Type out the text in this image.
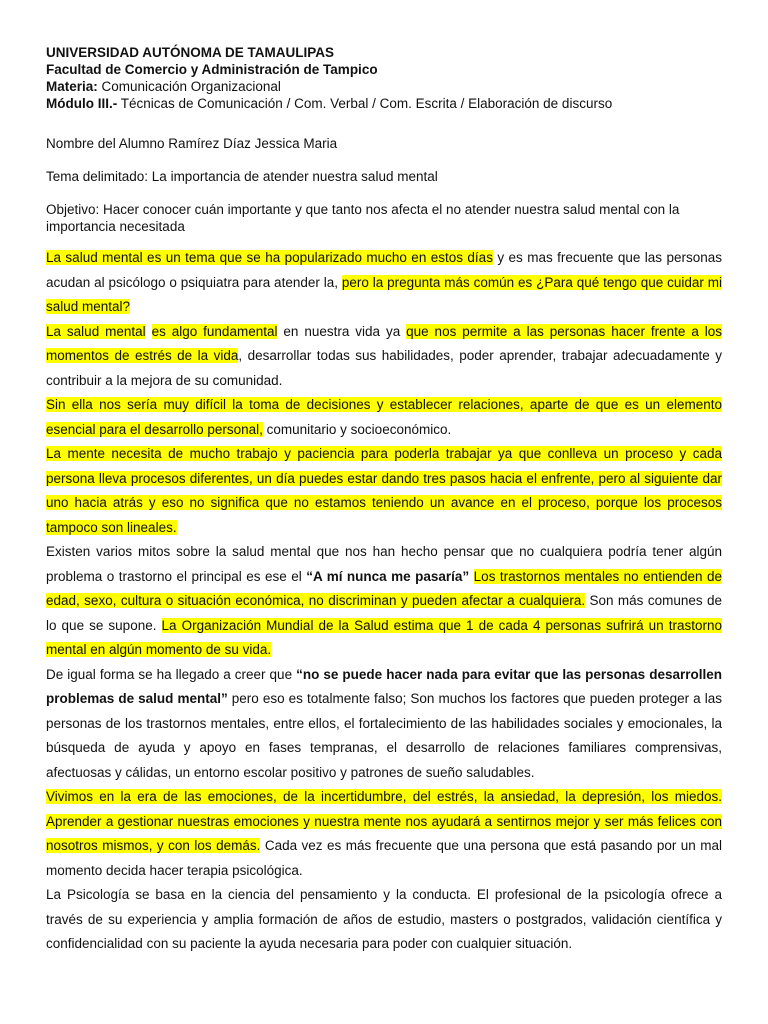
UNIVERSIDAD AUTÓNOMA DE TAMAULIPAS
Facultad de Comercio y Administración de Tampico
Materia: Comunicación Organizacional
Módulo III.- Técnicas de Comunicación / Com. Verbal / Com. Escrita / Elaboración de discurso

Nombre del Alumno Ramírez Díaz Jessica Maria

Tema delimitado: La importancia de atender nuestra salud mental

Objetivo: Hacer conocer cuán importante y que tanto nos afecta el no atender nuestra salud mental con la importancia necesitada

La salud mental es un tema que se ha popularizado mucho en estos días y es mas frecuente que las personas acudan al psicólogo o psiquiatra para atender la, pero la pregunta más común es ¿Para qué tengo que cuidar mi salud mental?

La salud mental es algo fundamental en nuestra vida ya que nos permite a las personas hacer frente a los momentos de estrés de la vida, desarrollar todas sus habilidades, poder aprender, trabajar adecuadamente y contribuir a la mejora de su comunidad.

Sin ella nos sería muy difícil la toma de decisiones y establecer relaciones, aparte de que es un elemento esencial para el desarrollo personal, comunitario y socioeconómico.

La mente necesita de mucho trabajo y paciencia para poderla trabajar ya que conlleva un proceso y cada persona lleva procesos diferentes, un día puedes estar dando tres pasos hacia el enfrente, pero al siguiente dar uno hacia atrás y eso no significa que no estamos teniendo un avance en el proceso, porque los procesos tampoco son lineales.

Existen varios mitos sobre la salud mental que nos han hecho pensar que no cualquiera podría tener algún problema o trastorno el principal es ese el “A mí nunca me pasaría” Los trastornos mentales no entienden de edad, sexo, cultura o situación económica, no discriminan y pueden afectar a cualquiera. Son más comunes de lo que se supone. La Organización Mundial de la Salud estima que 1 de cada 4 personas sufrirá un trastorno mental en algún momento de su vida.

De igual forma se ha llegado a creer que “no se puede hacer nada para evitar que las personas desarrollen problemas de salud mental” pero eso es totalmente falso; Son muchos los factores que pueden proteger a las personas de los trastornos mentales, entre ellos, el fortalecimiento de las habilidades sociales y emocionales, la búsqueda de ayuda y apoyo en fases tempranas, el desarrollo de relaciones familiares comprensivas, afectuosas y cálidas, un entorno escolar positivo y patrones de sueño saludables.

Vivimos en la era de las emociones, de la incertidumbre, del estrés, la ansiedad, la depresión, los miedos. Aprender a gestionar nuestras emociones y nuestra mente nos ayudará a sentirnos mejor y ser más felices con nosotros mismos, y con los demás. Cada vez es más frecuente que una persona que está pasando por un mal momento decida hacer terapia psicológica.

La Psicología se basa en la ciencia del pensamiento y la conducta. El profesional de la psicología ofrece a través de su experiencia y amplia formación de años de estudio, masters o postgrados, validación científica y confidencialidad con su paciente la ayuda necesaria para poder con cualquier situación.
